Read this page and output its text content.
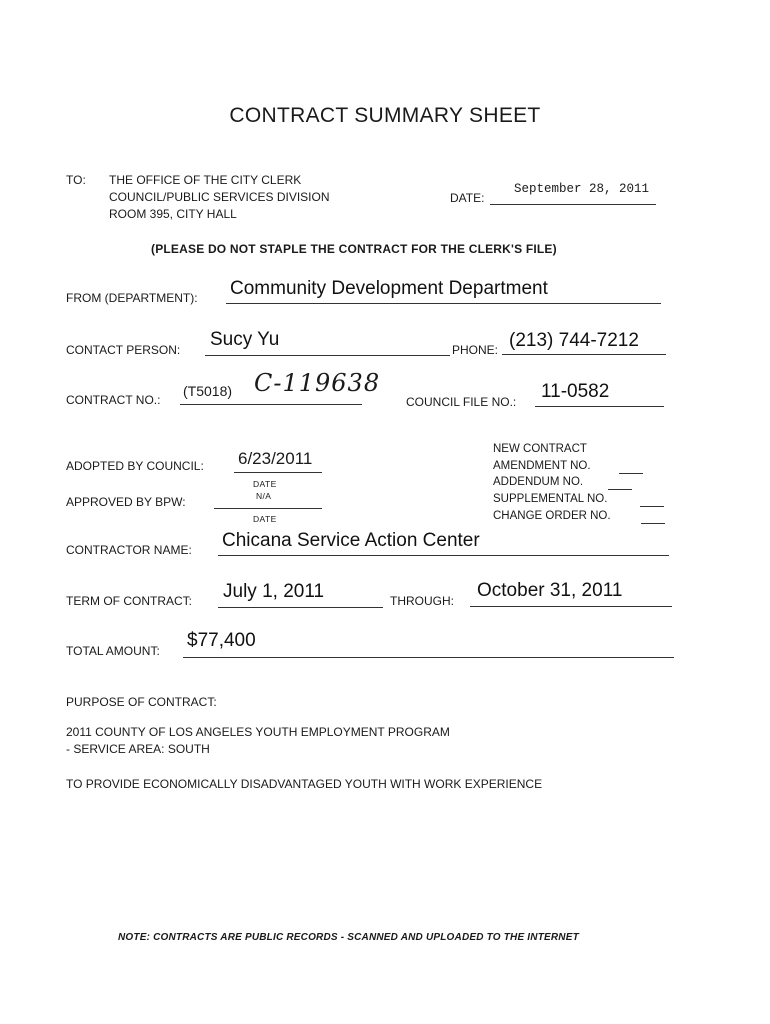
CONTRACT SUMMARY SHEET
TO: THE OFFICE OF THE CITY CLERK
COUNCIL/PUBLIC SERVICES DIVISION
ROOM 395, CITY HALL
DATE:
September 28, 2011
(PLEASE DO NOT STAPLE THE CONTRACT FOR THE CLERK'S FILE)
FROM (DEPARTMENT): Community Development Department
CONTACT PERSON: Sucy Yu	PHONE: (213) 744-7212
CONTRACT NO.:
(T5018) C-119638
COUNCIL FILE NO.: 11-0582
ADOPTED BY COUNCIL: 6/23/2011
DATE
APPROVED BY BPW:	N/A
DATE
NEW CONTRACT
AMENDMENT NO.
ADDENDUM NO.
SUPPLEMENTAL NO.
CHANGE ORDER NO.
CONTRACTOR NAME: Chicana Service Action Center
TERM OF CONTRACT: July 1, 2011	THROUGH: October 31, 2011
TOTAL AMOUNT: $77,400
PURPOSE OF CONTRACT:
2011 COUNTY OF LOS ANGELES YOUTH EMPLOYMENT PROGRAM
- SERVICE AREA: SOUTH
TO PROVIDE ECONOMICALLY DISADVANTAGED YOUTH WITH WORK EXPERIENCE
NOTE: CONTRACTS ARE PUBLIC RECORDS - SCANNED AND UPLOADED TO THE INTERNET
